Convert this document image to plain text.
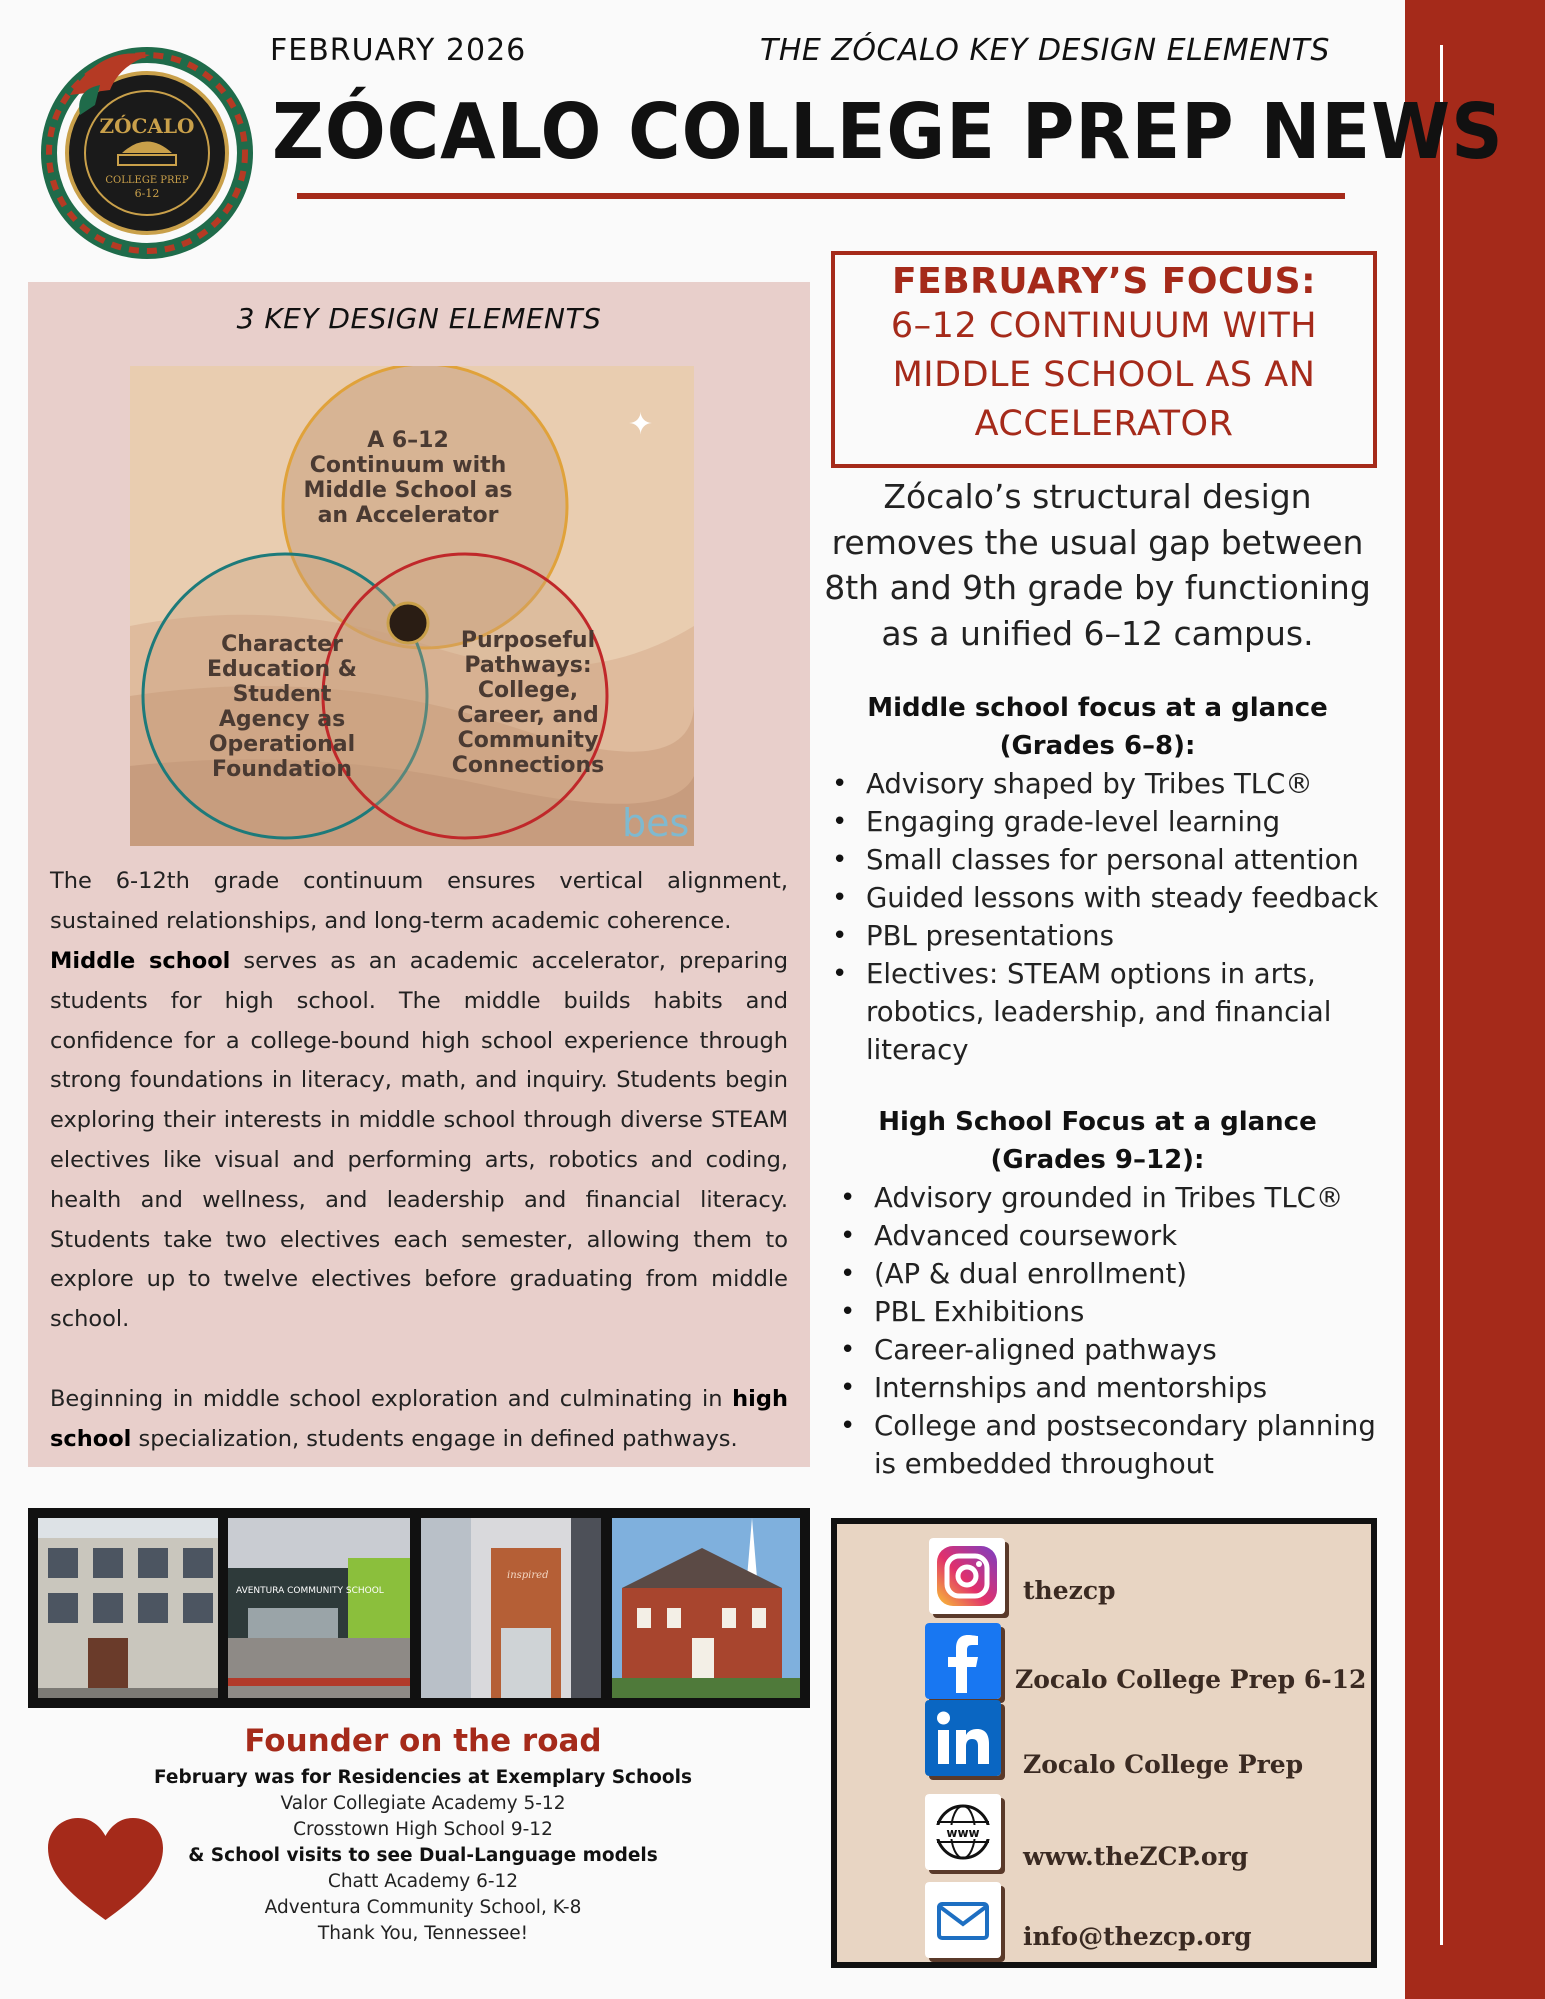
ZÓCALO
COLLEGE PREP
6-12
FEBRUARY 2026	THE ZÓCALO KEY DESIGN ELEMENTS
ZÓCALO COLLEGE PREP NEWS
3 KEY DESIGN ELEMENTS
✦
A 6–12
Continuum with
Middle School as
an Accelerator
Character
Education &
Student
Agency as
Operational
Foundation
Purposeful
Pathways:
College,
Career, and
Community
Connections
bes

The 6-12th grade continuum ensures vertical alignment, sustained relationships, and long-term academic coherence.

Middle school serves as an academic accelerator, preparing students for high school. The middle builds habits and confidence for a college-bound high school experience through strong foundations in literacy, math, and inquiry. Students begin exploring their interests in middle school through diverse STEAM electives like visual and performing arts, robotics and coding, health and wellness, and leadership and financial literacy. Students take two electives each semester, allowing them to explore up to twelve electives before graduating from middle school.

Beginning in middle school exploration and culminating in high school specialization, students engage in defined pathways.

AVENTURA COMMUNITY SCHOOL
inspired
Founder on the road
February was for Residencies at Exemplary Schools
Valor Collegiate Academy 5-12
Crosstown High School 9-12
& School visits to see Dual-Language models
Chatt Academy 6-12
Adventura Community School, K-8
Thank You, Tennessee!
FEBRUARY’S FOCUS:
6–12 CONTINUUM WITH
MIDDLE SCHOOL AS AN
ACCELERATOR
Zócalo’s structural design removes the usual gap between 8th and 9th grade by functioning as a unified 6–12 campus.
Middle school focus at a glance
(Grades 6–8):
• Advisory shaped by Tribes TLC®
• Engaging grade-level learning
• Small classes for personal attention
• Guided lessons with steady feedback
• PBL presentations
• Electives: STEAM options in arts, robotics, leadership, and financial literacy
High School Focus at a glance
(Grades 9–12):
• Advisory grounded in Tribes TLC®
• Advanced coursework
• (AP & dual enrollment)
• PBL Exhibitions
• Career-aligned pathways
• Internships and mentorships
• College and postsecondary planning is embedded throughout
thezcp
Zocalo College Prep 6-12
Zocalo College Prep
www
www.theZCP.org
info@thezcp.org
